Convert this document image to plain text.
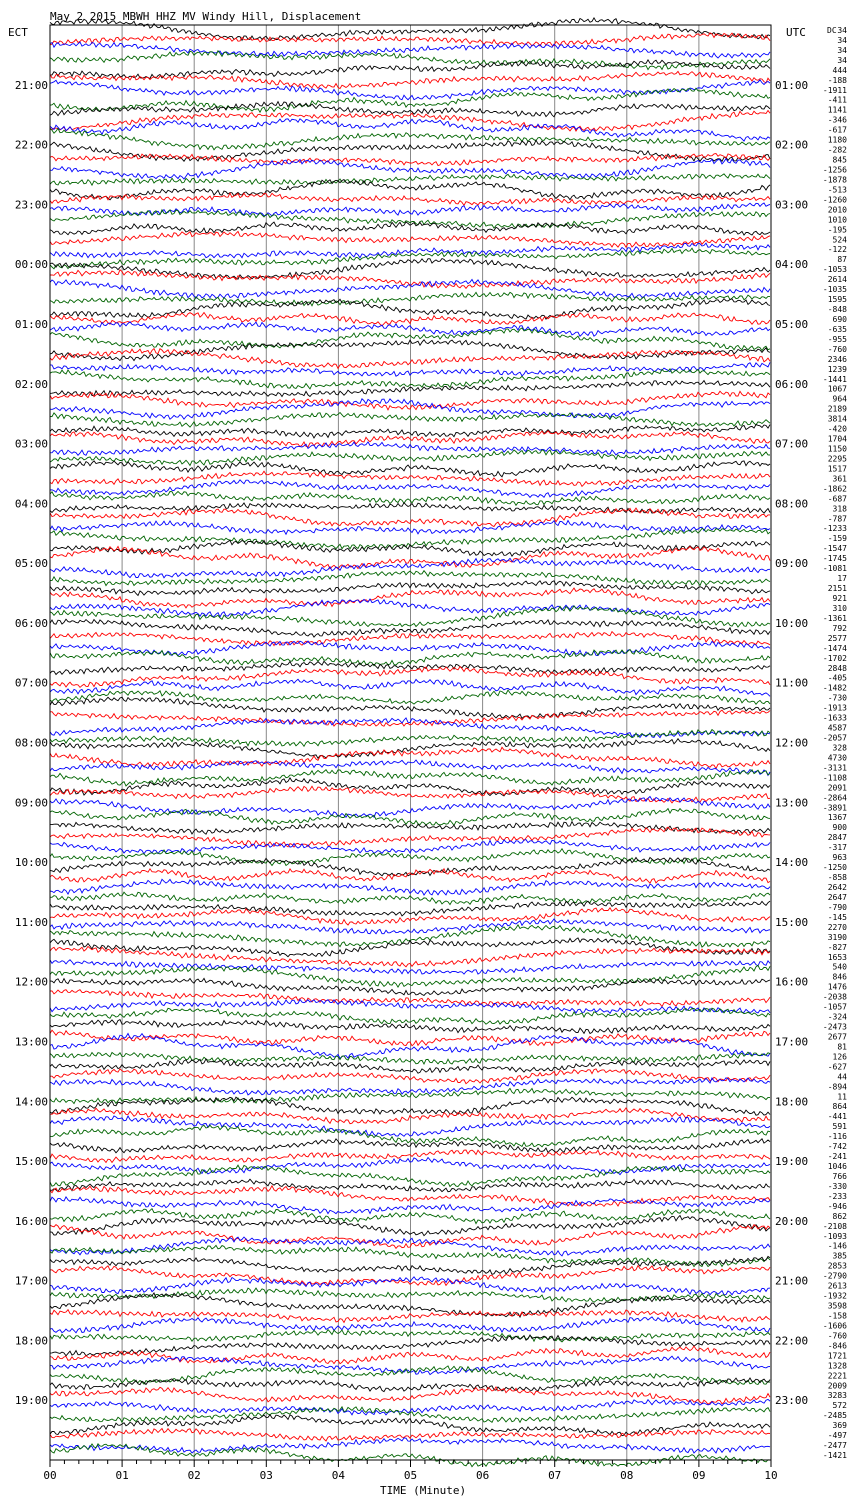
00	01	02	03	04	05	06	07	08	09	10
21:00
22:00
23:00
00:00
01:00
02:00
03:00
04:00
05:00
06:00
07:00
08:00
09:00
10:00
11:00
12:00
13:00
14:00
15:00
16:00
17:00
18:00
19:00
01:00
02:00
03:00
04:00
05:00
06:00
07:00
08:00
09:00
10:00
11:00
12:00
13:00
14:00
15:00
16:00
17:00
18:00
19:00
20:00
21:00
22:00
23:00
34
34
34
34
444
-188
-1911
-411
1141
-346
-617
1180
-282
845
-1256
-1878
-513
-1260
2010
1010
-195
524
-122
87
-1053
2614
-1035
1595
-848
690
-635
-955
-760
2346
1239
-1441
1067
964
2189
3814
-420
1704
1150
2295
1517
361
-1862
-687
318
-787
-1233
-159
-1547
-1745
-1081
17
2151
921
310
-1361
792
2577
-1474
-1702
2848
-405
-1482
-730
-1913
-1633
4587
-2057
328
4730
-3131
-1108
2091
-2864
-3891
1367
900
2847
-317
963
-1250
-858
2642
2647
-790
-145
2270
3190
-827
1653
540
846
1476
-2038
-1057
-324
-2473
2677
81
126
-627
44
-894
11
864
-441
591
-116
-742
-241
1046
766
-330
-233
-946
862
-2108
-1093
-146
385
2853
-2790
2613
-1932
3598
-158
-1606
-760
-846
1721
1328
2221
2009
3283
572
-2485
369
-497
-2477
-1421
May 2 2015 MBWH HHZ MV Windy Hill, Displacement
ECT	UTC	DC
TIME (Minute)
